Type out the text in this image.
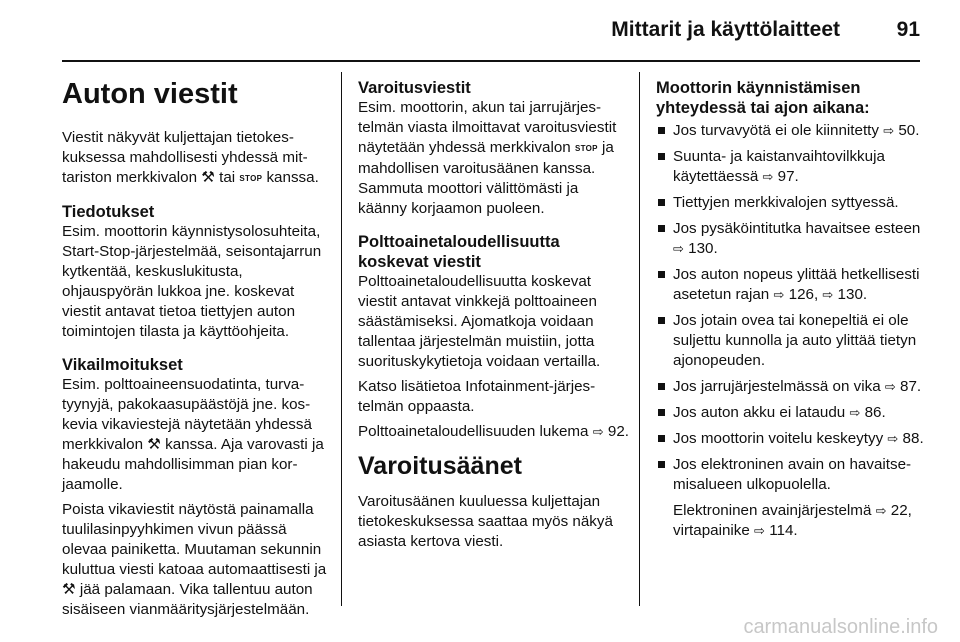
Mittarit ja käyttölaitteet	91
Auton viestit

Viestit näkyvät kuljettajan tietokeskuksessa mahdollisesti yhdessä mittariston merkkivalon ⚒ tai STOP kanssa.

Tiedotukset

Esim. moottorin käynnistysolosuhteita, Start-Stop-järjestelmää, seisontajarrun kytkentää, keskuslukitusta, ohjauspyörän lukkoa jne. koskevat viestit antavat tietoa tiettyjen auton toimintojen tilasta ja käyttöohjeita.

Vikailmoitukset

Esim. polttoaineensuodatinta, turvatyynyjä, pakokaasupäästöjä jne. koskevia vikaviestejä näytetään yhdessä merkkivalon ⚒ kanssa. Aja varovasti ja hakeudu mahdollisimman pian korjaamolle.

Poista vikaviestit näytöstä painamalla tuulilasinpyyhkimen vivun päässä olevaa painiketta. Muutaman sekunnin kuluttua viesti katoaa automaattisesti ja ⚒ jää palamaan. Vika tallentuu auton sisäiseen vianmääritysjärjestelmään.

Varoitusviestit

Esim. moottorin, akun tai jarrujärjestelmän viasta ilmoittavat varoitusviestit näytetään yhdessä merkkivalon STOP ja mahdollisen varoitusäänen kanssa. Sammuta moottori välittömästi ja käänny korjaamon puoleen.

Polttoainetaloudellisuutta koskevat viestit

Polttoainetaloudellisuutta koskevat viestit antavat vinkkejä polttoaineen säästämiseksi. Ajomatkoja voidaan tallentaa järjestelmän muistiin, jotta suorituskykytietoja voidaan vertailla.

Katso lisätietoa Infotainment-järjestelmän oppaasta.

Polttoainetaloudellisuuden lukema ⇨ 92.

Varoitusäänet

Varoitusäänen kuuluessa kuljettajan tietokeskuksessa saattaa myös näkyä asiasta kertova viesti.

Moottorin käynnistämisen yhteydessä tai ajon aikana:
Jos turvavyötä ei ole kiinnitetty ⇨ 50.
Suunta- ja kaistanvaihtovilkkuja käytettäessä ⇨ 97.
Tiettyjen merkkivalojen syttyessä.
Jos pysäköintitutka havaitsee esteen ⇨ 130.
Jos auton nopeus ylittää hetkellisesti asetetun rajan ⇨ 126, ⇨ 130.
Jos jotain ovea tai konepeltiä ei ole suljettu kunnolla ja auto ylittää tietyn ajonopeuden.
Jos jarrujärjestelmässä on vika ⇨ 87.
Jos auton akku ei lataudu ⇨ 86.
Jos moottorin voitelu keskeytyy ⇨ 88.
Jos elektroninen avain on havaitsemisalueen ulkopuolella.
Elektroninen avainjärjestelmä ⇨ 22, virtapainike ⇨ 114.
carmanualsonline.info
